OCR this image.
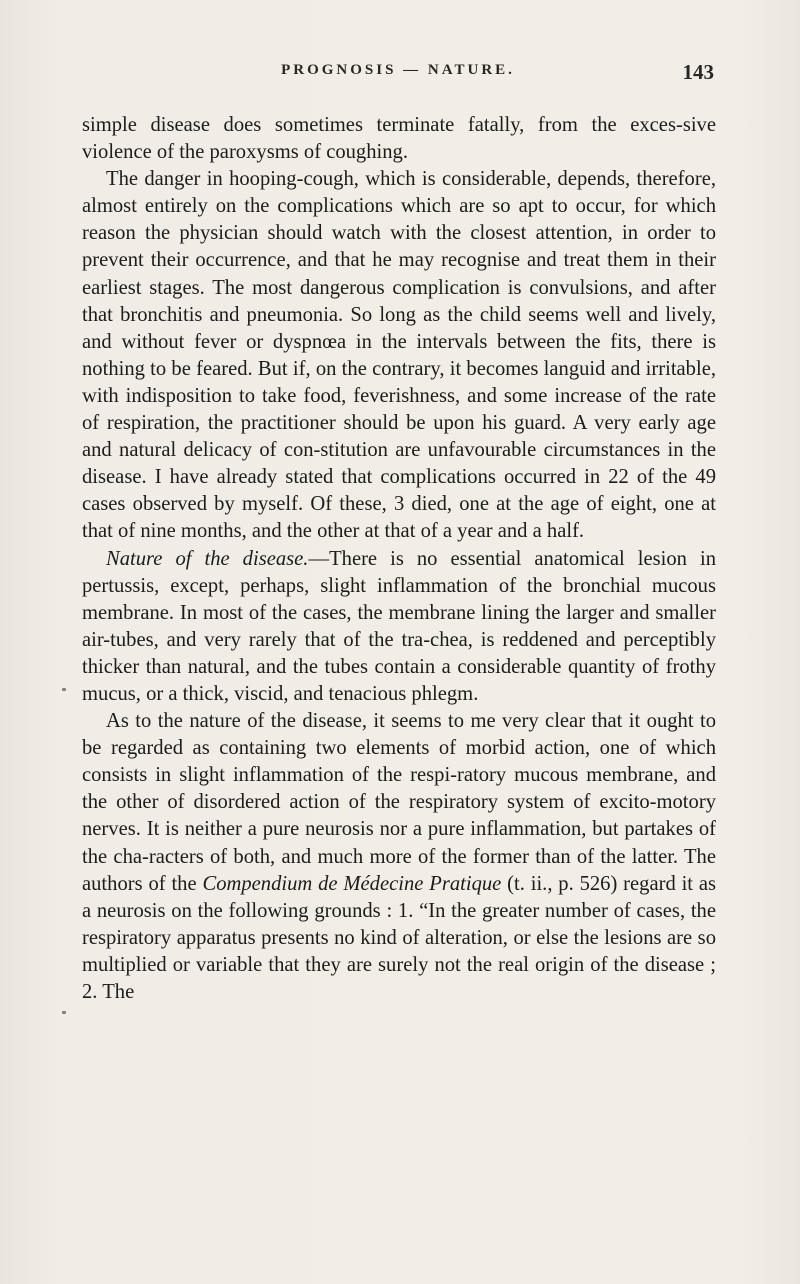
PROGNOSIS — NATURE.	143

simple disease does sometimes terminate fatally, from the exces-sive violence of the paroxysms of coughing.

The danger in hooping-cough, which is considerable, depends, therefore, almost entirely on the complications which are so apt to occur, for which reason the physician should watch with the closest attention, in order to prevent their occurrence, and that he may recognise and treat them in their earliest stages. The most dangerous complication is convulsions, and after that bronchitis and pneumonia. So long as the child seems well and lively, and without fever or dyspnœa in the intervals between the fits, there is nothing to be feared. But if, on the contrary, it becomes languid and irritable, with indisposition to take food, feverishness, and some increase of the rate of respiration, the practitioner should be upon his guard. A very early age and natural delicacy of con-stitution are unfavourable circumstances in the disease. I have already stated that complications occurred in 22 of the 49 cases observed by myself. Of these, 3 died, one at the age of eight, one at that of nine months, and the other at that of a year and a half.

Nature of the disease.—There is no essential anatomical lesion in pertussis, except, perhaps, slight inflammation of the bronchial mucous membrane. In most of the cases, the membrane lining the larger and smaller air-tubes, and very rarely that of the tra-chea, is reddened and perceptibly thicker than natural, and the tubes contain a considerable quantity of frothy mucus, or a thick, viscid, and tenacious phlegm.

As to the nature of the disease, it seems to me very clear that it ought to be regarded as containing two elements of morbid action, one of which consists in slight inflammation of the respi-ratory mucous membrane, and the other of disordered action of the respiratory system of excito-motory nerves. It is neither a pure neurosis nor a pure inflammation, but partakes of the cha-racters of both, and much more of the former than of the latter. The authors of the Compendium de Médecine Pratique (t. ii., p. 526) regard it as a neurosis on the following grounds : 1. “In the greater number of cases, the respiratory apparatus presents no kind of alteration, or else the lesions are so multiplied or variable that they are surely not the real origin of the disease ; 2. The
